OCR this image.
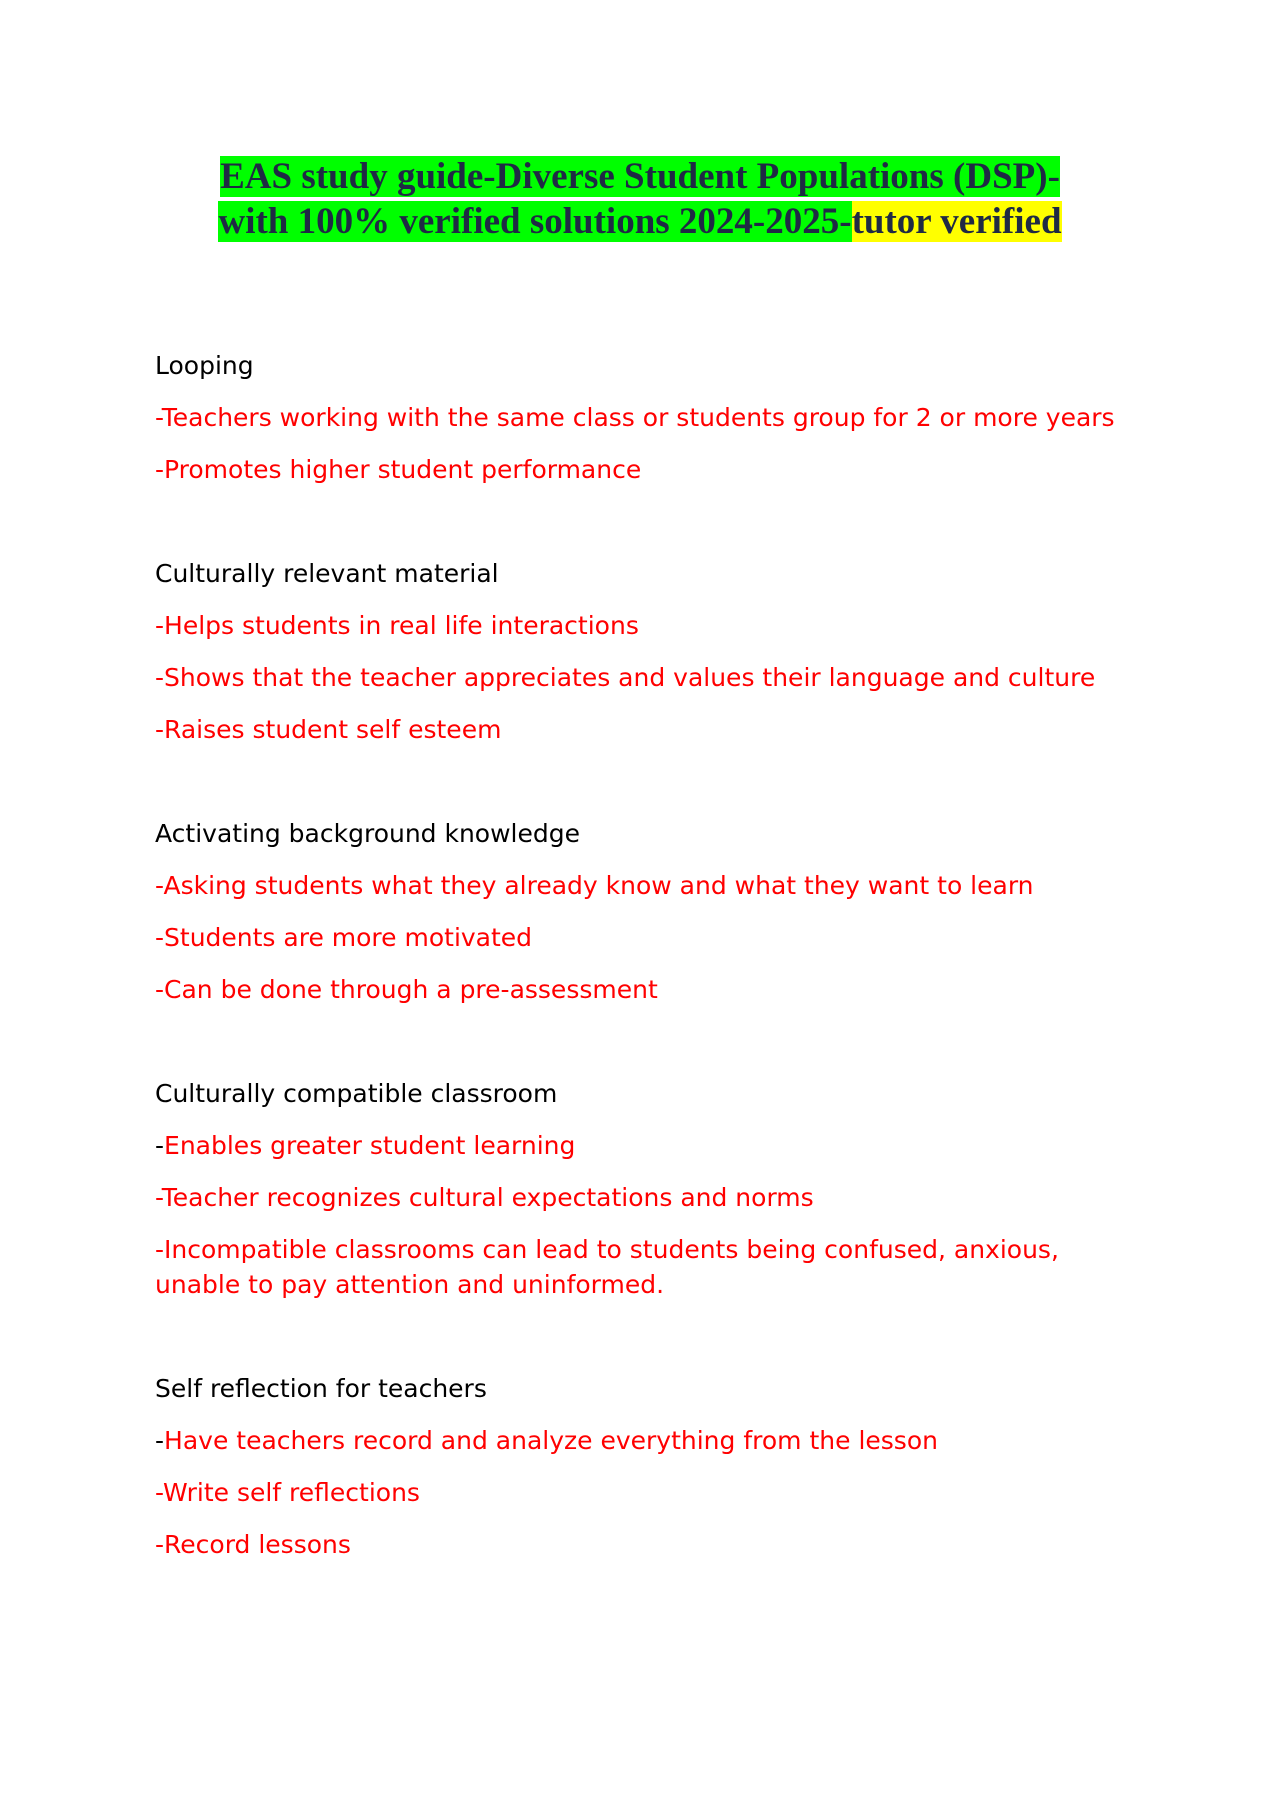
EAS study guide-Diverse Student Populations (DSP)-
with 100% verified solutions 2024-2025-tutor verified
Looping
-Teachers working with the same class or students group for 2 or more years
-Promotes higher student performance
Culturally relevant material
-Helps students in real life interactions
-Shows that the teacher appreciates and values their language and culture
-Raises student self esteem
Activating background knowledge
-Asking students what they already know and what they want to learn
-Students are more motivated
-Can be done through a pre-assessment
Culturally compatible classroom
-Enables greater student learning
-Teacher recognizes cultural expectations and norms
-Incompatible classrooms can lead to students being confused, anxious, unable to pay attention and uninformed.
Self reflection for teachers
-Have teachers record and analyze everything from the lesson
-Write self reflections
-Record lessons
